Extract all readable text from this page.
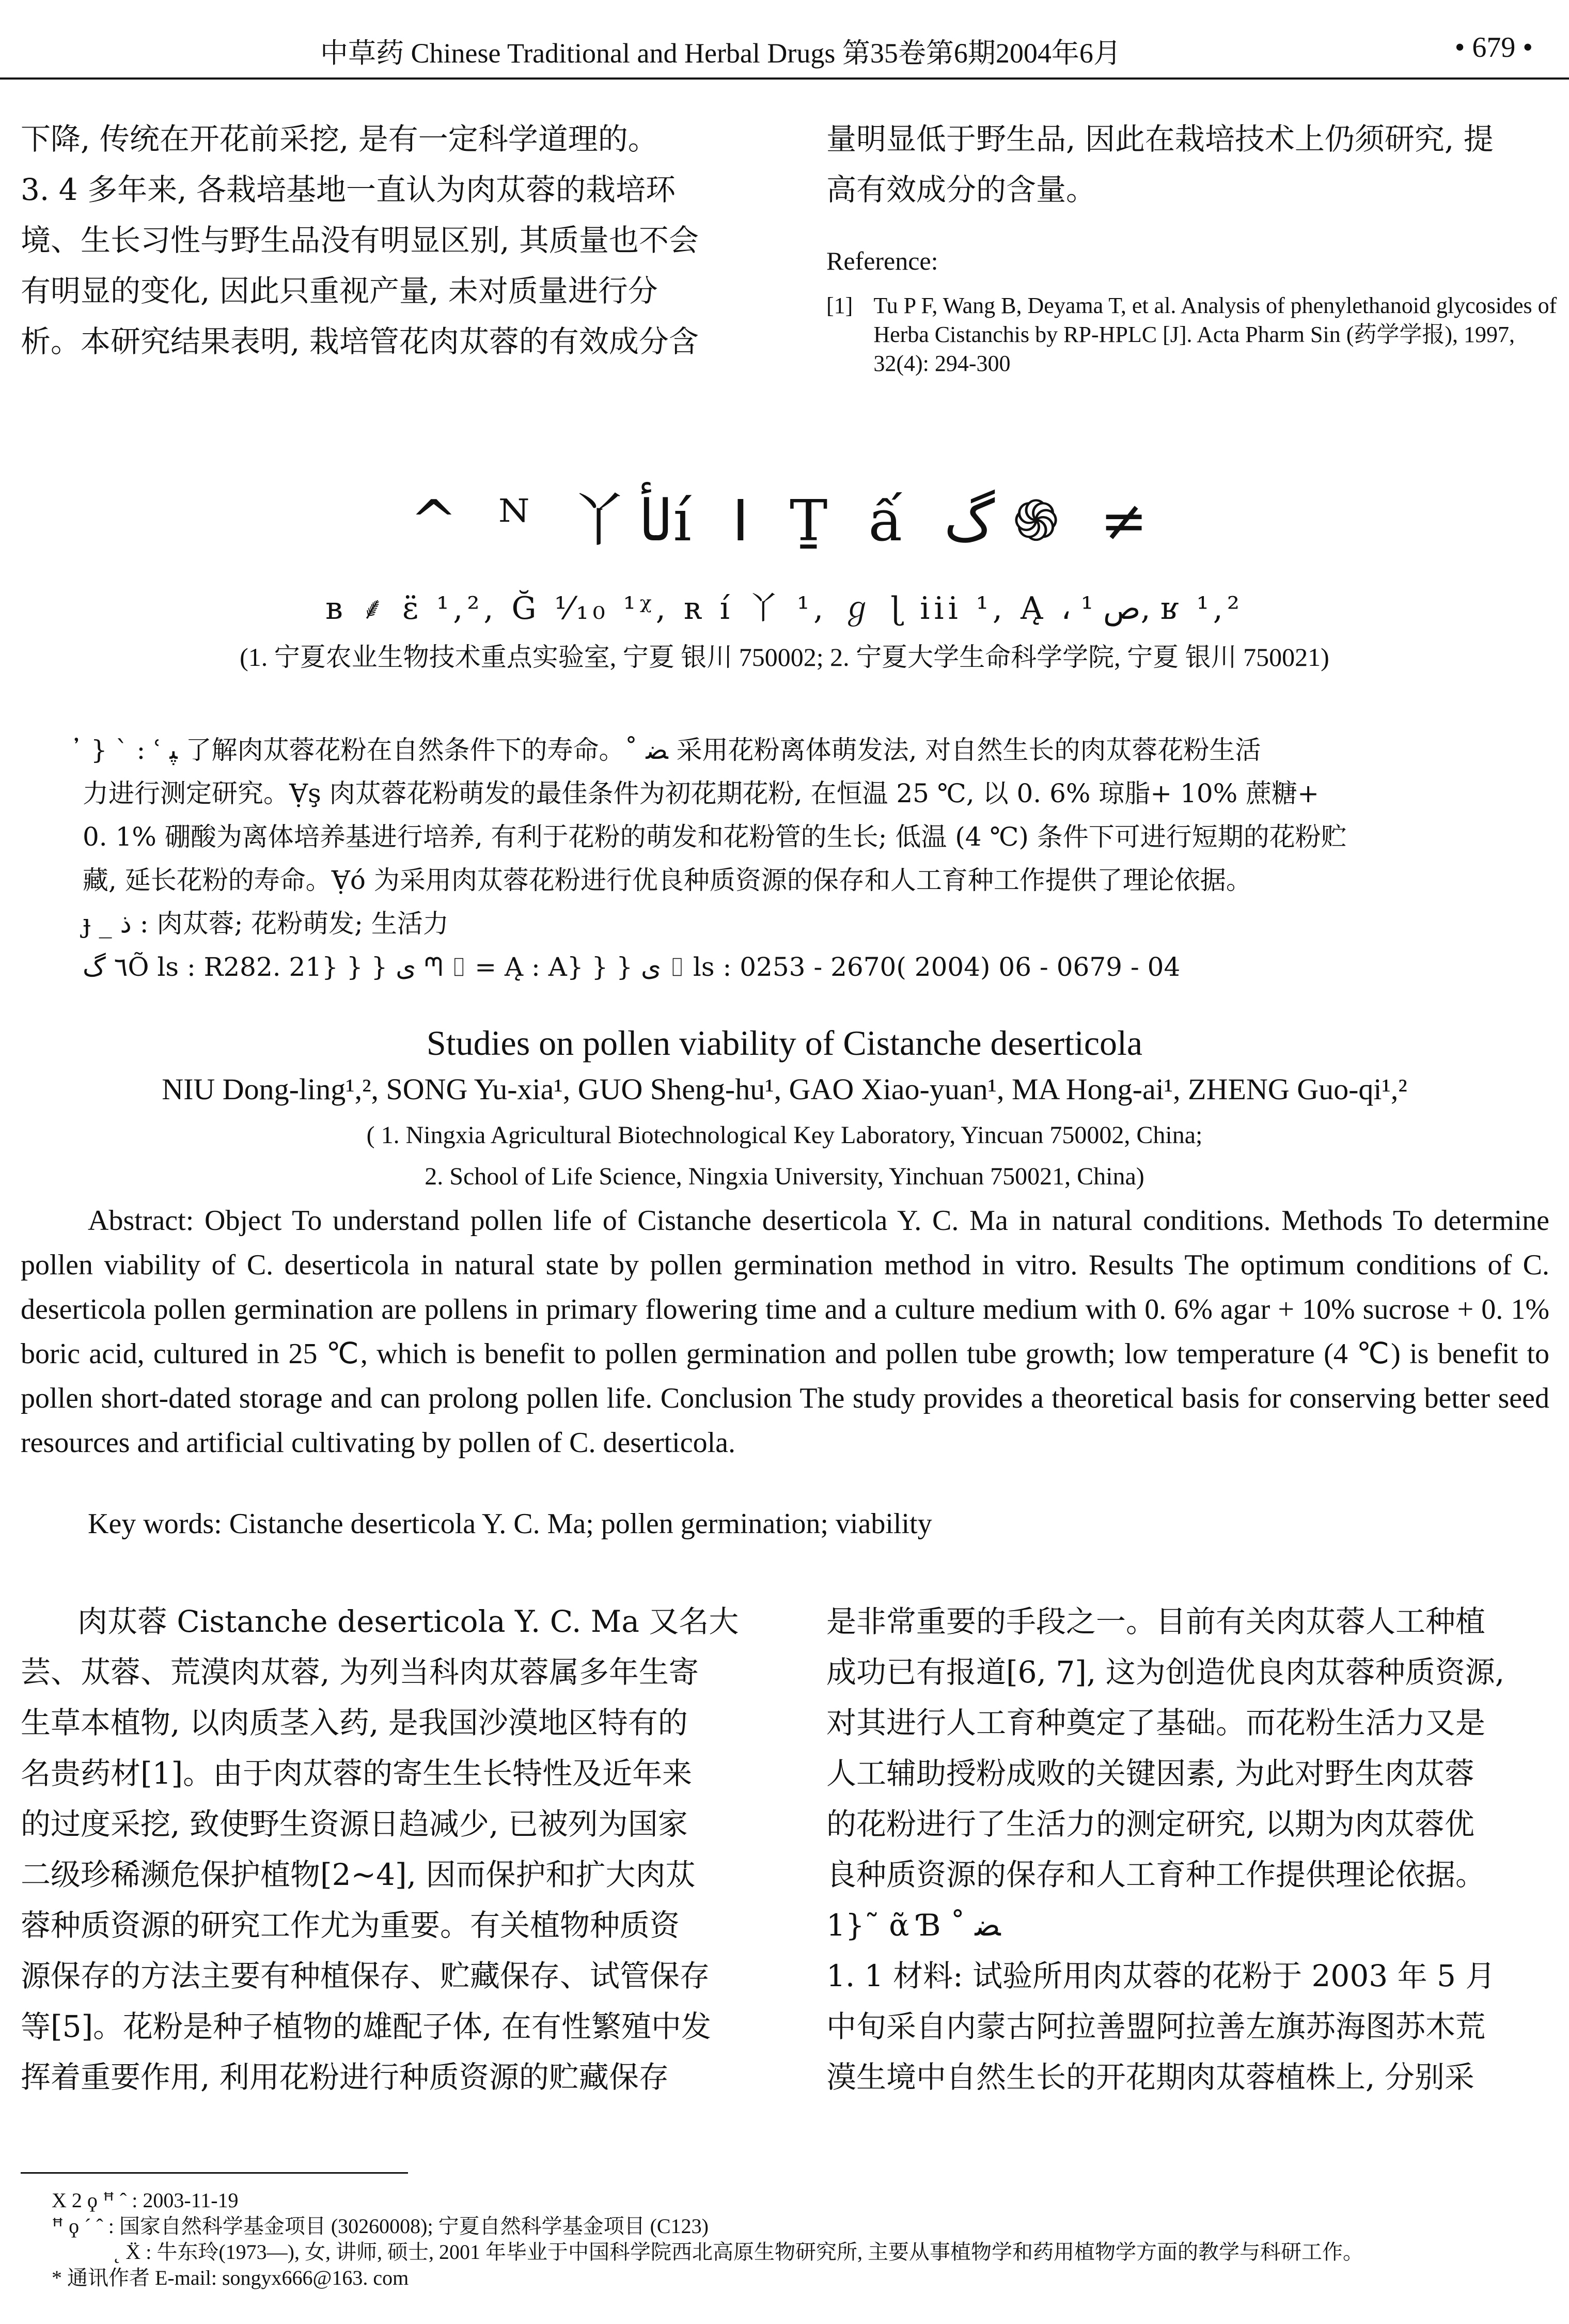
中草药 Chinese Traditional and Herbal Drugs 第35卷第6期2004年6月	• 679 •

下降, 传统在开花前采挖, 是有一定科学道理的。

3. 4 多年来, 各栽培基地一直认为肉苁蓉的栽培环

境、生长习性与野生品没有明显区别, 其质量也不会

有明显的变化, 因此只重视产量, 未对质量进行分

析。本研究结果表明, 栽培管花肉苁蓉的有效成分含

量明显低于野生品, 因此在栽培技术上仍须研究, 提

高有效成分的含量。

Reference:
[1] Tu P F, Wang B, Deyama T, et al. Analysis of phenylethanoid glycosides of Herba Cistanchis by RP-HPLC [J]. Acta Pharm Sin (药学学报), 1997, 32(4): 294-300
^ ᴺ 丫لأí ꓲ Ṯ ấ گ ֍ ≠
ʙ ⸙ ε̈ ¹,², Ğ ⅟₁₀ ¹ᵡ, ʀ í 丫 ¹, ℊ ɭ iii ¹, Ą ، ص ¹, ʁ ¹,²
(1. 宁夏农业生物技术重点实验室, 宁夏 银川 750002; 2. 宁夏大学生命科学学院, 宁夏 银川 750021)

̓ } ` : ʿ ﭙ 了解肉苁蓉花粉在自然条件下的寿命。˚ ﻀ 采用花粉离体萌发法, 对自然生长的肉苁蓉花粉生活

力进行测定研究。Ɐ̣ş 肉苁蓉花粉萌发的最佳条件为初花期花粉, 在恒温 25 ℃, 以 0. 6% 琼脂+ 10% 蔗糖+

0. 1% 硼酸为离体培养基进行培养, 有利于花粉的萌发和花粉管的生长; 低温 (4 ℃) 条件下可进行短期的花粉贮

藏, 延长花粉的寿命。Ɐ̣ó 为采用肉苁蓉花粉进行优良种质资源的保存和人工育种工作提供了理论依据。

ɟ _ ذ : 肉苁蓉; 花粉萌发; 生活力

٦ گÕ ls : R282. 21} } } ى ᘉ ⌷ = Ą : A} } } ى ⌷ ls : 0253 - 2670( 2004) 06 - 0679 - 04

Studies on pollen viability of Cistanche deserticola
NIU Dong-ling¹,², SONG Yu-xia¹, GUO Sheng-hu¹, GAO Xiao-yuan¹, MA Hong-ai¹, ZHENG Guo-qi¹,²
( 1. Ningxia Agricultural Biotechnological Key Laboratory, Yincuan 750002, China;
2. School of Life Science, Ningxia University, Yinchuan 750021, China)

Abstract: Object To understand pollen life of Cistanche deserticola Y. C. Ma in natural conditions. Methods To determine pollen viability of C. deserticola in natural state by pollen germination method in vitro. Results The optimum conditions of C. deserticola pollen germination are pollens in primary flowering time and a culture medium with 0. 6% agar + 10% sucrose + 0. 1% boric acid, cultured in 25 ℃, which is benefit to pollen germination and pollen tube growth; low temperature (4 ℃) is benefit to pollen short-dated storage and can prolong pollen life. Conclusion The study provides a theoretical basis for conserving better seed resources and artificial cultivating by pollen of C. deserticola.

Key words: Cistanche deserticola Y. C. Ma; pollen germination; viability

肉苁蓉 Cistanche deserticola Y. C. Ma 又名大

芸、苁蓉、荒漠肉苁蓉, 为列当科肉苁蓉属多年生寄

生草本植物, 以肉质茎入药, 是我国沙漠地区特有的

名贵药材[1]。由于肉苁蓉的寄生生长特性及近年来

的过度采挖, 致使野生资源日趋减少, 已被列为国家

二级珍稀濒危保护植物[2~4], 因而保护和扩大肉苁

蓉种质资源的研究工作尤为重要。有关植物种质资

源保存的方法主要有种植保存、贮藏保存、试管保存

等[5]。花粉是种子植物的雄配子体, 在有性繁殖中发

挥着重要作用, 利用花粉进行种质资源的贮藏保存

是非常重要的手段之一。目前有关肉苁蓉人工种植

成功已有报道[6, 7], 这为创造优良肉苁蓉种质资源,

对其进行人工育种奠定了基础。而花粉生活力又是

人工辅助授粉成败的关键因素, 为此对野生肉苁蓉

的花粉进行了生活力的测定研究, 以期为肉苁蓉优

良种质资源的保存和人工育种工作提供理论依据。

1}˜ ᾶ Ɓ ˚ ﻀ

1. 1 材料: 试验所用肉苁蓉的花粉于 2003 年 5 月

中旬采自内蒙古阿拉善盟阿拉善左旗苏海图苏木荒

漠生境中自然生长的开花期肉苁蓉植株上, 分别采

X 2 ϙ ꟸ ˆ : 2003-11-19
ꟸ ϙ ´ ˆ : 国家自然科学基金项目 (30260008); 宁夏自然科学基金项目 (C123)
˛ Ẍ : 牛东玲(1973—), 女, 讲师, 硕士, 2001 年毕业于中国科学院西北高原生物研究所, 主要从事植物学和药用植物学方面的教学与科研工作。
* 通讯作者 E-mail: songyx666@163. com
